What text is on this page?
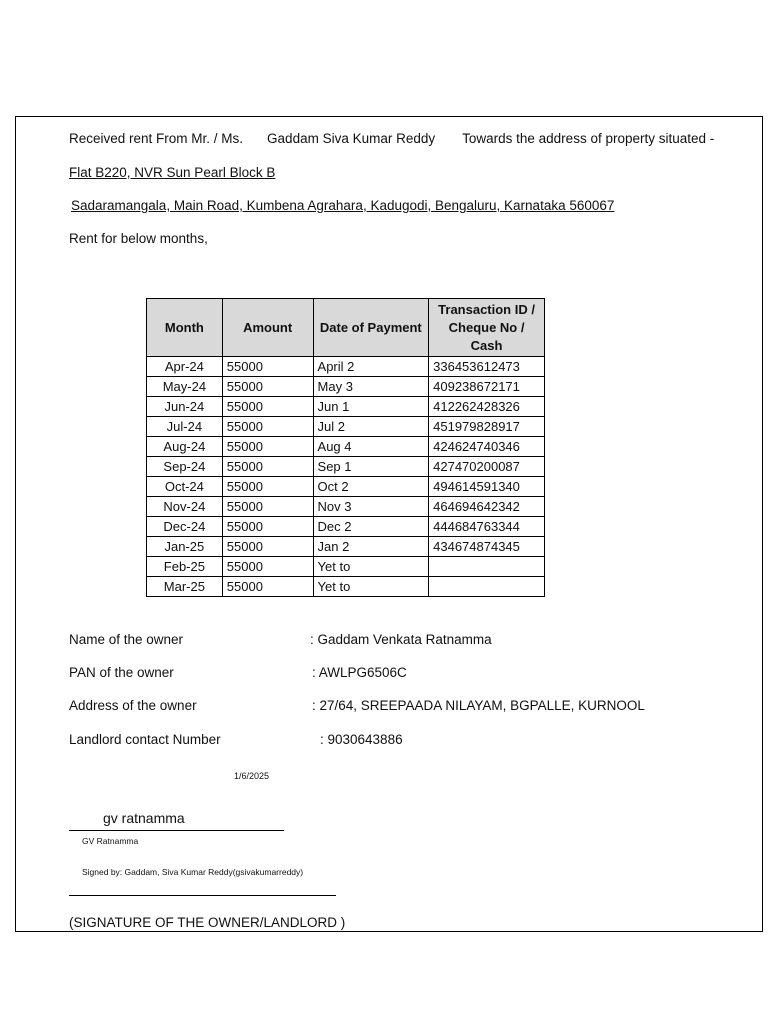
Received rent From Mr. / Ms. Gaddam Siva Kumar Reddy Towards the address of property situated -
Flat B220, NVR Sun Pearl Block B
Sadaramangala, Main Road, Kumbena Agrahara, Kadugodi, Bengaluru, Karnataka 560067
Rent for below months,
Month	Amount	Date of Payment	Transaction ID / Cheque No / Cash
Apr-24	55000	April 2	336453612473
May-24	55000	May 3	409238672171
Jun-24	55000	Jun 1	412262428326
Jul-24	55000	Jul 2	451979828917
Aug-24	55000	Aug 4	424624740346
Sep-24	55000	Sep 1	427470200087
Oct-24	55000	Oct 2	494614591340
Nov-24	55000	Nov 3	464694642342
Dec-24	55000	Dec 2	444684763344
Jan-25	55000	Jan 2	434674874345
Feb-25	55000	Yet to	
Mar-25	55000	Yet to	
Name of the owner	: Gaddam Venkata Ratnamma
PAN of the owner	: AWLPG6506C
Address of the owner	: 27/64, SREEPAADA NILAYAM, BGPALLE, KURNOOL
Landlord contact Number	: 9030643886
1/6/2025
gv ratnamma
GV Ratnamma
Signed by: Gaddam, Siva Kumar Reddy(gsivakumarreddy)
(SIGNATURE OF THE OWNER/LANDLORD )
